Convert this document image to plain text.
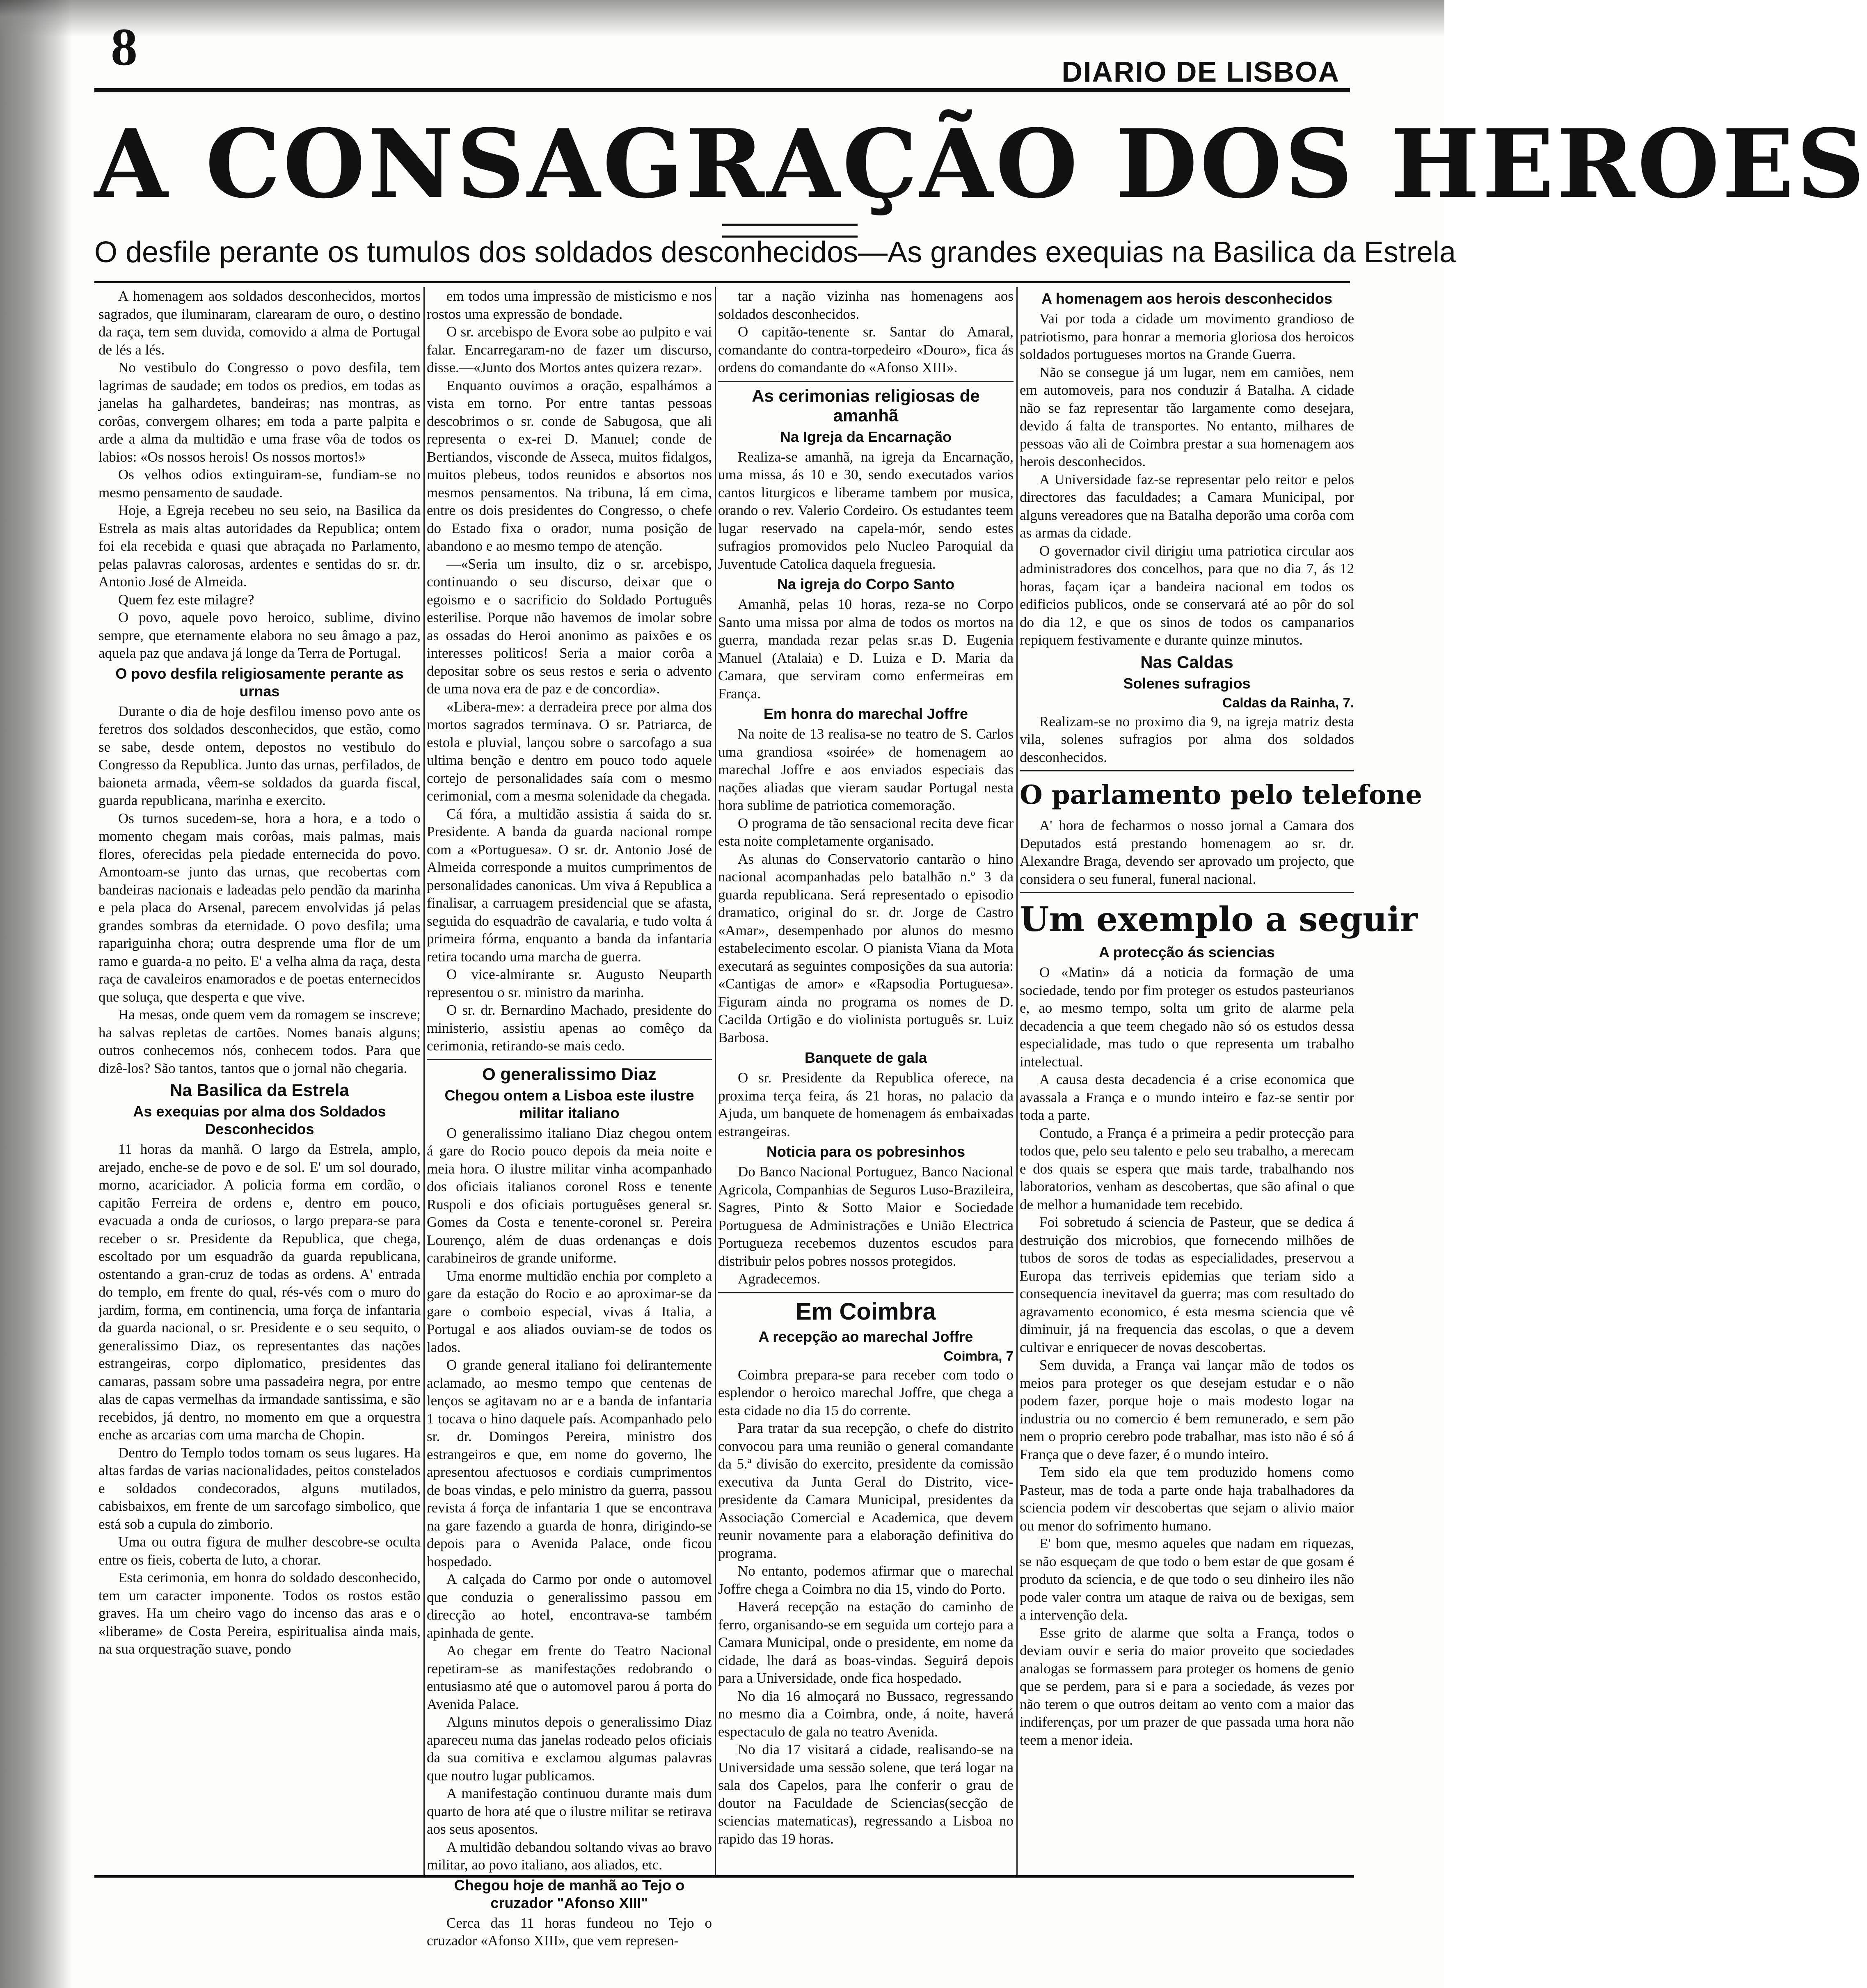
8	DIARIO DE LISBOA
A CONSAGRAÇÃO DOS HEROES
O desfile perante os tumulos dos soldados desconhecidos—As grandes exequias na Basilica da Estrela

A homenagem aos soldados desconhecidos, mortos sagrados, que iluminaram, clarearam de ouro, o destino da raça, tem sem duvida, comovido a alma de Portugal de lés a lés.

No vestibulo do Congresso o povo desfila, tem lagrimas de saudade; em todos os predios, em todas as janelas ha galhardetes, bandeiras; nas montras, as corôas, convergem olhares; em toda a parte palpita e arde a alma da multidão e uma frase vôa de todos os labios: «Os nossos herois! Os nossos mortos!»

Os velhos odios extinguiram-se, fundiam-se no mesmo pensamento de saudade.

Hoje, a Egreja recebeu no seu seio, na Basilica da Estrela as mais altas autoridades da Republica; ontem foi ela recebida e quasi que abraçada no Parlamento, pelas palavras calorosas, ardentes e sentidas do sr. dr. Antonio José de Almeida.

Quem fez este milagre?

O povo, aquele povo heroico, sublime, divino sempre, que eternamente elabora no seu âmago a paz, aquela paz que andava já longe da Terra de Portugal.

O povo desfila religiosamente perante as urnas

Durante o dia de hoje desfilou imenso povo ante os feretros dos soldados desconhecidos, que estão, como se sabe, desde ontem, depostos no vestibulo do Congresso da Republica. Junto das urnas, perfilados, de baioneta armada, vêem-se soldados da guarda fiscal, guarda republicana, marinha e exercito.

Os turnos sucedem-se, hora a hora, e a todo o momento chegam mais corôas, mais palmas, mais flores, oferecidas pela piedade enternecida do povo. Amontoam-se junto das urnas, que recobertas com bandeiras nacionais e ladeadas pelo pendão da marinha e pela placa do Arsenal, parecem envolvidas já pelas grandes sombras da eternidade. O povo desfila; uma rapariguinha chora; outra desprende uma flor de um ramo e guarda-a no peito. E' a velha alma da raça, desta raça de cavaleiros enamorados e de poetas enternecidos que soluça, que desperta e que vive.

Ha mesas, onde quem vem da romagem se inscreve; ha salvas repletas de cartões. Nomes banais alguns; outros conhecemos nós, conhecem todos. Para que dizê-los? São tantos, tantos que o jornal não chegaria.

Na Basilica da Estrela
As exequias por alma dos Soldados Desconhecidos

11 horas da manhã. O largo da Estrela, amplo, arejado, enche-se de povo e de sol. E' um sol dourado, morno, acariciador. A policia forma em cordão, o capitão Ferreira de ordens e, dentro em pouco, evacuada a onda de curiosos, o largo prepara-se para receber o sr. Presidente da Republica, que chega, escoltado por um esquadrão da guarda republicana, ostentando a gran-cruz de todas as ordens. A' entrada do templo, em frente do qual, rés-vés com o muro do jardim, forma, em continencia, uma força de infantaria da guarda nacional, o sr. Presidente e o seu sequito, o generalissimo Diaz, os representantes das nações estrangeiras, corpo diplomatico, presidentes das camaras, passam sobre uma passadeira negra, por entre alas de capas vermelhas da irmandade santissima, e são recebidos, já dentro, no momento em que a orquestra enche as arcarias com uma marcha de Chopin.

Dentro do Templo todos tomam os seus lugares. Ha altas fardas de varias nacionalidades, peitos constelados e soldados condecorados, alguns mutilados, cabisbaixos, em frente de um sarcofago simbolico, que está sob a cupula do zimborio.

Uma ou outra figura de mulher descobre-se oculta entre os fieis, coberta de luto, a chorar.

Esta cerimonia, em honra do soldado desconhecido, tem um caracter imponente. Todos os rostos estão graves. Ha um cheiro vago do incenso das aras e o «liberame» de Costa Pereira, espiritualisa ainda mais, na sua orquestração suave, pondo

em todos uma impressão de misticismo e nos rostos uma expressão de bondade.

O sr. arcebispo de Evora sobe ao pulpito e vai falar. Encarregaram-no de fazer um discurso, disse.—«Junto dos Mortos antes quizera rezar».

Enquanto ouvimos a oração, espalhámos a vista em torno. Por entre tantas pessoas descobrimos o sr. conde de Sabugosa, que ali representa o ex-rei D. Manuel; conde de Bertiandos, visconde de Asseca, muitos fidalgos, muitos plebeus, todos reunidos e absortos nos mesmos pensamentos. Na tribuna, lá em cima, entre os dois presidentes do Congresso, o chefe do Estado fixa o orador, numa posição de abandono e ao mesmo tempo de atenção.

—«Seria um insulto, diz o sr. arcebispo, continuando o seu discurso, deixar que o egoismo e o sacrificio do Soldado Português esterilise. Porque não havemos de imolar sobre as ossadas do Heroi anonimo as paixões e os interesses politicos! Seria a maior corôa a depositar sobre os seus restos e seria o advento de uma nova era de paz e de concordia».

«Libera-me»: a derradeira prece por alma dos mortos sagrados terminava. O sr. Patriarca, de estola e pluvial, lançou sobre o sarcofago a sua ultima benção e dentro em pouco todo aquele cortejo de personalidades saía com o mesmo cerimonial, com a mesma solenidade da chegada.

Cá fóra, a multidão assistia á saida do sr. Presidente. A banda da guarda nacional rompe com a «Portuguesa». O sr. dr. Antonio José de Almeida corresponde a muitos cumprimentos de personalidades canonicas. Um viva á Republica a finalisar, a carruagem presidencial que se afasta, seguida do esquadrão de cavalaria, e tudo volta á primeira fórma, enquanto a banda da infantaria retira tocando uma marcha de guerra.

O vice-almirante sr. Augusto Neuparth representou o sr. ministro da marinha.

O sr. dr. Bernardino Machado, presidente do ministerio, assistiu apenas ao comêço da cerimonia, retirando-se mais cedo.

O generalissimo Diaz
Chegou ontem a Lisboa este ilustre militar italiano

O generalissimo italiano Diaz chegou ontem á gare do Rocio pouco depois da meia noite e meia hora. O ilustre militar vinha acompanhado dos oficiais italianos coronel Ross e tenente Ruspoli e dos oficiais portuguêses general sr. Gomes da Costa e tenente-coronel sr. Pereira Lourenço, além de duas ordenanças e dois carabineiros de grande uniforme.

Uma enorme multidão enchia por completo a gare da estação do Rocio e ao aproximar-se da gare o comboio especial, vivas á Italia, a Portugal e aos aliados ouviam-se de todos os lados.

O grande general italiano foi delirantemente aclamado, ao mesmo tempo que centenas de lenços se agitavam no ar e a banda de infantaria 1 tocava o hino daquele país. Acompanhado pelo sr. dr. Domingos Pereira, ministro dos estrangeiros e que, em nome do governo, lhe apresentou afectuosos e cordiais cumprimentos de boas vindas, e pelo ministro da guerra, passou revista á força de infantaria 1 que se encontrava na gare fazendo a guarda de honra, dirigindo-se depois para o Avenida Palace, onde ficou hospedado.

A calçada do Carmo por onde o automovel que conduzia o generalissimo passou em direcção ao hotel, encontrava-se também apinhada de gente.

Ao chegar em frente do Teatro Nacional repetiram-se as manifestações redobrando o entusiasmo até que o automovel parou á porta do Avenida Palace.

Alguns minutos depois o generalissimo Diaz apareceu numa das janelas rodeado pelos oficiais da sua comitiva e exclamou algumas palavras que noutro lugar publicamos.

A manifestação continuou durante mais dum quarto de hora até que o ilustre militar se retirava aos seus aposentos.

A multidão debandou soltando vivas ao bravo militar, ao povo italiano, aos aliados, etc.

Chegou hoje de manhã ao Tejo o cruzador "Afonso XIII"

Cerca das 11 horas fundeou no Tejo o cruzador «Afonso XIII», que vem represen-

tar a nação vizinha nas homenagens aos soldados desconhecidos.

O capitão-tenente sr. Santar do Amaral, comandante do contra-torpedeiro «Douro», fica ás ordens do comandante do «Afonso XIII».

As cerimonias religiosas de amanhã
Na Igreja da Encarnação

Realiza-se amanhã, na igreja da Encarnação, uma missa, ás 10 e 30, sendo executados varios cantos liturgicos e liberame tambem por musica, orando o rev. Valerio Cordeiro. Os estudantes teem lugar reservado na capela-mór, sendo estes sufragios promovidos pelo Nucleo Paroquial da Juventude Catolica daquela freguesia.

Na igreja do Corpo Santo

Amanhã, pelas 10 horas, reza-se no Corpo Santo uma missa por alma de todos os mortos na guerra, mandada rezar pelas sr.as D. Eugenia Manuel (Atalaia) e D. Luiza e D. Maria da Camara, que serviram como enfermeiras em França.

Em honra do marechal Joffre

Na noite de 13 realisa-se no teatro de S. Carlos uma grandiosa «soirée» de homenagem ao marechal Joffre e aos enviados especiais das nações aliadas que vieram saudar Portugal nesta hora sublime de patriotica comemoração.

O programa de tão sensacional recita deve ficar esta noite completamente organisado.

As alunas do Conservatorio cantarão o hino nacional acompanhadas pelo batalhão n.º 3 da guarda republicana. Será representado o episodio dramatico, original do sr. dr. Jorge de Castro «Amar», desempenhado por alunos do mesmo estabelecimento escolar. O pianista Viana da Mota executará as seguintes composições da sua autoria: «Cantigas de amor» e «Rapsodia Portuguesa». Figuram ainda no programa os nomes de D. Cacilda Ortigão e do violinista português sr. Luiz Barbosa.

Banquete de gala

O sr. Presidente da Republica oferece, na proxima terça feira, ás 21 horas, no palacio da Ajuda, um banquete de homenagem ás embaixadas estrangeiras.

Noticia para os pobresinhos

Do Banco Nacional Portuguez, Banco Nacional Agricola, Companhias de Seguros Luso-Brazileira, Sagres, Pinto & Sotto Maior e Sociedade Portuguesa de Administrações e União Electrica Portugueza recebemos duzentos escudos para distribuir pelos pobres nossos protegidos.

Agradecemos.

Em Coimbra
A recepção ao marechal Joffre
Coimbra, 7

Coimbra prepara-se para receber com todo o esplendor o heroico marechal Joffre, que chega a esta cidade no dia 15 do corrente.

Para tratar da sua recepção, o chefe do distrito convocou para uma reunião o general comandante da 5.ª divisão do exercito, presidente da comissão executiva da Junta Geral do Distrito, vice-presidente da Camara Municipal, presidentes da Associação Comercial e Academica, que devem reunir novamente para a elaboração definitiva do programa.

No entanto, podemos afirmar que o marechal Joffre chega a Coimbra no dia 15, vindo do Porto.

Haverá recepção na estação do caminho de ferro, organisando-se em seguida um cortejo para a Camara Municipal, onde o presidente, em nome da cidade, lhe dará as boas-vindas. Seguirá depois para a Universidade, onde fica hospedado.

No dia 16 almoçará no Bussaco, regressando no mesmo dia a Coimbra, onde, á noite, haverá espectaculo de gala no teatro Avenida.

No dia 17 visitará a cidade, realisando-se na Universidade uma sessão solene, que terá logar na sala dos Capelos, para lhe conferir o grau de doutor na Faculdade de Sciencias(secção de sciencias matematicas), regressando a Lisboa no rapido das 19 horas.

A homenagem aos herois desconhecidos

Vai por toda a cidade um movimento grandioso de patriotismo, para honrar a memoria gloriosa dos heroicos soldados portugueses mortos na Grande Guerra.

Não se consegue já um lugar, nem em camiões, nem em automoveis, para nos conduzir á Batalha. A cidade não se faz representar tão largamente como desejara, devido á falta de transportes. No entanto, milhares de pessoas vão ali de Coimbra prestar a sua homenagem aos herois desconhecidos.

A Universidade faz-se representar pelo reitor e pelos directores das faculdades; a Camara Municipal, por alguns vereadores que na Batalha deporão uma corôa com as armas da cidade.

O governador civil dirigiu uma patriotica circular aos administradores dos concelhos, para que no dia 7, ás 12 horas, façam içar a bandeira nacional em todos os edificios publicos, onde se conservará até ao pôr do sol do dia 12, e que os sinos de todos os campanarios repiquem festivamente e durante quinze minutos.

Nas Caldas
Solenes sufragios
Caldas da Rainha, 7.

Realizam-se no proximo dia 9, na igreja matriz desta vila, solenes sufragios por alma dos soldados desconhecidos.

O parlamento pelo telefone

A' hora de fecharmos o nosso jornal a Camara dos Deputados está prestando homenagem ao sr. dr. Alexandre Braga, devendo ser aprovado um projecto, que considera o seu funeral, funeral nacional.

Um exemplo a seguir
A protecção ás sciencias

O «Matin» dá a noticia da formação de uma sociedade, tendo por fim proteger os estudos pasteurianos e, ao mesmo tempo, solta um grito de alarme pela decadencia a que teem chegado não só os estudos dessa especialidade, mas tudo o que representa um trabalho intelectual.

A causa desta decadencia é a crise economica que avassala a França e o mundo inteiro e faz-se sentir por toda a parte.

Contudo, a França é a primeira a pedir protecção para todos que, pelo seu talento e pelo seu trabalho, a merecam e dos quais se espera que mais tarde, trabalhando nos laboratorios, venham as descobertas, que são afinal o que de melhor a humanidade tem recebido.

Foi sobretudo á sciencia de Pasteur, que se dedica á destruição dos microbios, que fornecendo milhões de tubos de soros de todas as especialidades, preservou a Europa das terriveis epidemias que teriam sido a consequencia inevitavel da guerra; mas com resultado do agravamento economico, é esta mesma sciencia que vê diminuir, já na frequencia das escolas, o que a devem cultivar e enriquecer de novas descobertas.

Sem duvida, a França vai lançar mão de todos os meios para proteger os que desejam estudar e o não podem fazer, porque hoje o mais modesto logar na industria ou no comercio é bem remunerado, e sem pão nem o proprio cerebro pode trabalhar, mas isto não é só á França que o deve fazer, é o mundo inteiro.

Tem sido ela que tem produzido homens como Pasteur, mas de toda a parte onde haja trabalhadores da sciencia podem vir descobertas que sejam o alivio maior ou menor do sofrimento humano.

E' bom que, mesmo aqueles que nadam em riquezas, se não esqueçam de que todo o bem estar de que gosam é produto da sciencia, e de que todo o seu dinheiro iles não pode valer contra um ataque de raiva ou de bexigas, sem a intervenção dela.

Esse grito de alarme que solta a França, todos o deviam ouvir e seria do maior proveito que sociedades analogas se formassem para proteger os homens de genio que se perdem, para si e para a sociedade, ás vezes por não terem o que outros deitam ao vento com a maior das indiferenças, por um prazer de que passada uma hora não teem a menor ideia.
